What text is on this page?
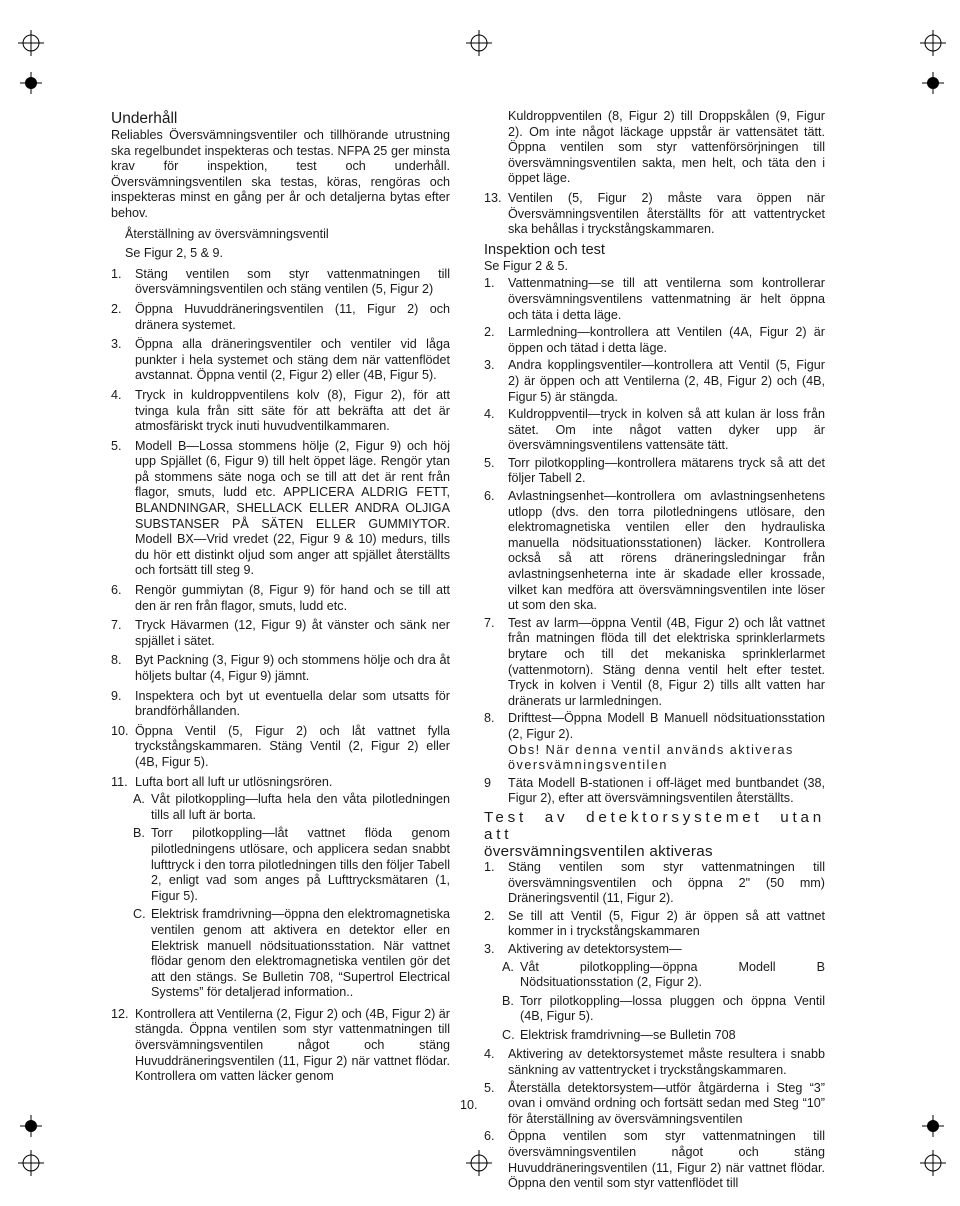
Underhåll

Reliables Översvämningsventiler och tillhörande utrustning ska regelbundet inspekteras och testas. NFPA 25 ger minsta krav för inspektion, test och underhåll. Översvämningsventilen ska testas, köras, rengöras och inspekteras minst en gång per år och detaljerna bytas efter behov.

Återställning av översvämningsventil

Se Figur 2, 5 & 9.

1.	Stäng ventilen som styr vattenmatningen till översvämningsventilen och stäng ventilen (5, Figur 2)
2.	Öppna Huvuddräneringsventilen (11, Figur 2) och dränera systemet.
3.	Öppna alla dräneringsventiler och ventiler vid låga punkter i hela systemet och stäng dem när vattenflödet avstannat. Öppna ventil (2, Figur 2) eller (4B, Figur 5).
4.	Tryck in kuldroppventilens kolv (8), Figur 2), för att tvinga kula från sitt säte för att bekräfta att det är atmosfäriskt tryck inuti huvudventilkammaren.
5.	Modell B—Lossa stommens hölje (2, Figur 9) och höj upp Spjället (6, Figur 9) till helt öppet läge. Rengör ytan på stommens säte noga och se till att det är rent från flagor, smuts, ludd etc. APPLICERA ALDRIG FETT, BLANDNINGAR, SHELLACK ELLER ANDRA OLJIGA SUBSTANSER PÅ SÄTEN ELLER GUMMIYTOR. Modell BX—Vrid vredet (22, Figur 9 & 10) medurs, tills du hör ett distinkt oljud som anger att spjället återställts och fortsätt till steg 9.
6.	Rengör gummiytan (8, Figur 9) för hand och se till att den är ren från flagor, smuts, ludd etc.
7.	Tryck Hävarmen (12, Figur 9) åt vänster och sänk ner spjället i sätet.
8.	Byt Packning (3, Figur 9) och stommens hölje och dra åt höljets bultar (4, Figur 9) jämnt.
9.	Inspektera och byt ut eventuella delar som utsatts för brandförhållanden.
10. Öppna Ventil (5, Figur 2) och låt vattnet fylla tryckstångskammaren. Stäng Ventil (2, Figur 2) eller (4B, Figur 5).
11. Lufta bort all luft ur utlösningsrören.
A. Våt pilotkoppling—lufta hela den våta pilotledningen tills all luft är borta.
B. Torr pilotkoppling—låt vattnet flöda genom pilotledningens utlösare, och applicera sedan snabbt lufttryck i den torra pilotledningen tills den följer Tabell 2, enligt vad som anges på Lufttrycksmätaren (1, Figur 5).
C. Elektrisk framdrivning—öppna den elektromagnetiska ventilen genom att aktivera en detektor eller en Elektrisk manuell nödsituationsstation. När vattnet flödar genom den elektromagnetiska ventilen gör det att den stängs. Se Bulletin 708, “Supertrol Electrical Systems” för detaljerad information..
12. Kontrollera att Ventilerna (2, Figur 2) och (4B, Figur 2) är stängda. Öppna ventilen som styr vattenmatningen till översvämningsventilen något och stäng Huvuddräneringsventilen (11, Figur 2) när vattnet flödar. Kontrollera om vatten läcker genom
Kuldroppventilen (8, Figur 2) till Droppskålen (9, Figur 2). Om inte något läckage uppstår är vattensätet tätt. Öppna ventilen som styr vattenförsörjningen till översvämningsventilen sakta, men helt, och täta den i öppet läge.
13. Ventilen (5, Figur 2) måste vara öppen när Översvämningsventilen återställts för att vattentrycket ska behållas i tryckstångskammaren.

Inspektion och test

Se Figur 2 & 5.

1.	Vattenmatning—se till att ventilerna som kontrollerar översvämningsventilens vattenmatning är helt öppna och täta i detta läge.
2.	Larmledning—kontrollera att Ventilen (4A, Figur 2) är öppen och tätad i detta läge.
3.	Andra kopplingsventiler—kontrollera att Ventil (5, Figur 2) är öppen och att Ventilerna (2, 4B, Figur 2) och (4B, Figur 5) är stängda.
4.	Kuldroppventil—tryck in kolven så att kulan är loss från sätet. Om inte något vatten dyker upp är översvämningsventilens vattensäte tätt.
5.	Torr pilotkoppling—kontrollera mätarens tryck så att det följer Tabell 2.
6.	Avlastningsenhet—kontrollera om avlastningsenhetens utlopp (dvs. den torra pilotledningens utlösare, den elektromagnetiska ventilen eller den hydrauliska manuella nödsituationsstationen) läcker. Kontrollera också så att rörens dräneringsledningar från avlastningsenheterna inte är skadade eller krossade, vilket kan medföra att översvämningsventilen inte löser ut som den ska.
7.	Test av larm—öppna Ventil (4B, Figur 2) och låt vattnet från matningen flöda till det elektriska sprinklerlarmets brytare och till det mekaniska sprinklerlarmet (vattenmotorn). Stäng denna ventil helt efter testet. Tryck in kolven i Ventil (8, Figur 2) tills allt vatten har dränerats ur larmledningen.
8.	Drifttest—Öppna Modell B Manuell nödsituationsstation (2, Figur 2).
Obs! När denna ventil används aktiveras översvämningsventilen
9	Täta Modell B-stationen i off-läget med buntbandet (38, Figur 2), efter att översvämningsventilen återställts.

Test av detektorsystemet utan att

översvämningsventilen aktiveras

1.	Stäng ventilen som styr vattenmatningen till översvämningsventilen och öppna 2" (50 mm) Dräneringsventil (11, Figur 2).
2.	Se till att Ventil (5, Figur 2) är öppen så att vattnet kommer in i tryckstångskammaren
3.	Aktivering av detektorsystem—
A. Våt pilotkoppling—öppna Modell B Nödsituationsstation (2, Figur 2).
B. Torr pilotkoppling—lossa pluggen och öppna Ventil (4B, Figur 5).
C. Elektrisk framdrivning—se Bulletin 708
4.	Aktivering av detektorsystemet måste resultera i snabb sänkning av vattentrycket i tryckstångskammaren.
5.	Återställa detektorsystem—utför åtgärderna i Steg “3” ovan i omvänd ordning och fortsätt sedan med Steg “10” för återställning av översvämningsventilen
6.	Öppna ventilen som styr vattenmatningen till översvämningsventilen något och stäng Huvuddräneringsventilen (11, Figur 2) när vattnet flödar. Öppna den ventil som styr vattenflödet till
10.
